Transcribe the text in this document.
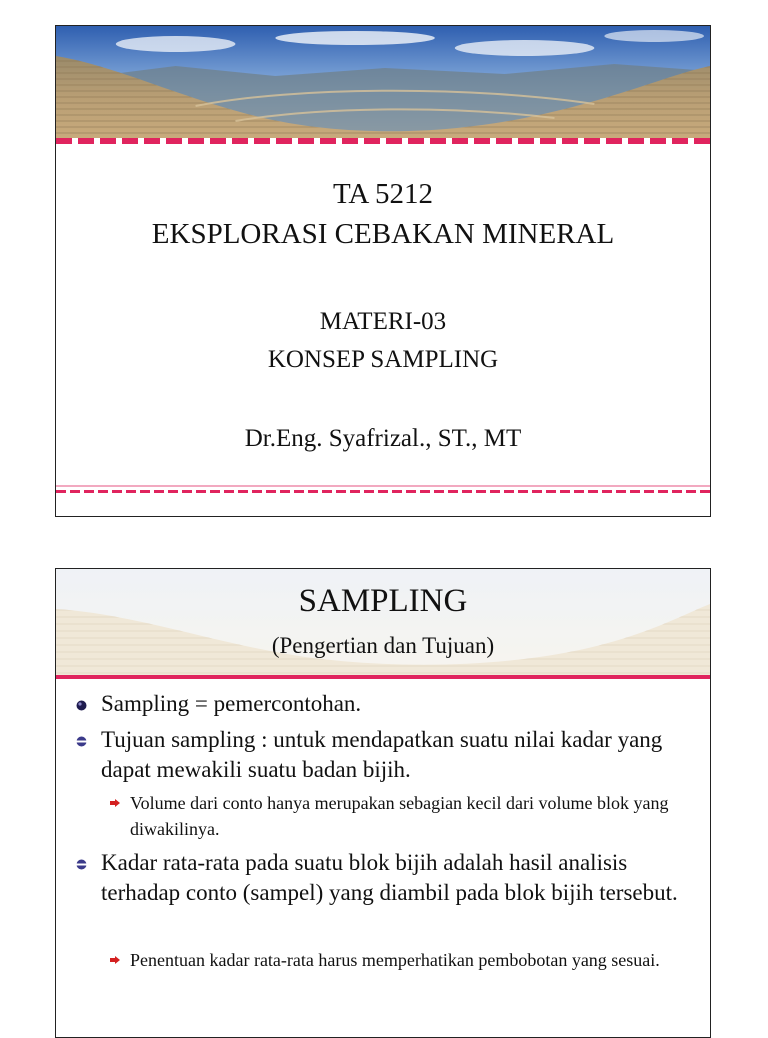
TA 5212
EKSPLORASI CEBAKAN MINERAL
MATERI-03
KONSEP SAMPLING
Dr.Eng. Syafrizal., ST., MT
SAMPLING
(Pengertian dan Tujuan)
Sampling = pemercontohan.
Tujuan sampling : untuk mendapatkan suatu nilai kadar yang dapat mewakili suatu badan bijih.
Volume dari conto hanya merupakan sebagian kecil dari volume blok yang diwakilinya.
Kadar rata-rata pada suatu blok bijih adalah hasil analisis terhadap conto (sampel) yang diambil pada blok bijih tersebut.
Penentuan kadar rata-rata harus memperhatikan pembobotan yang sesuai.
